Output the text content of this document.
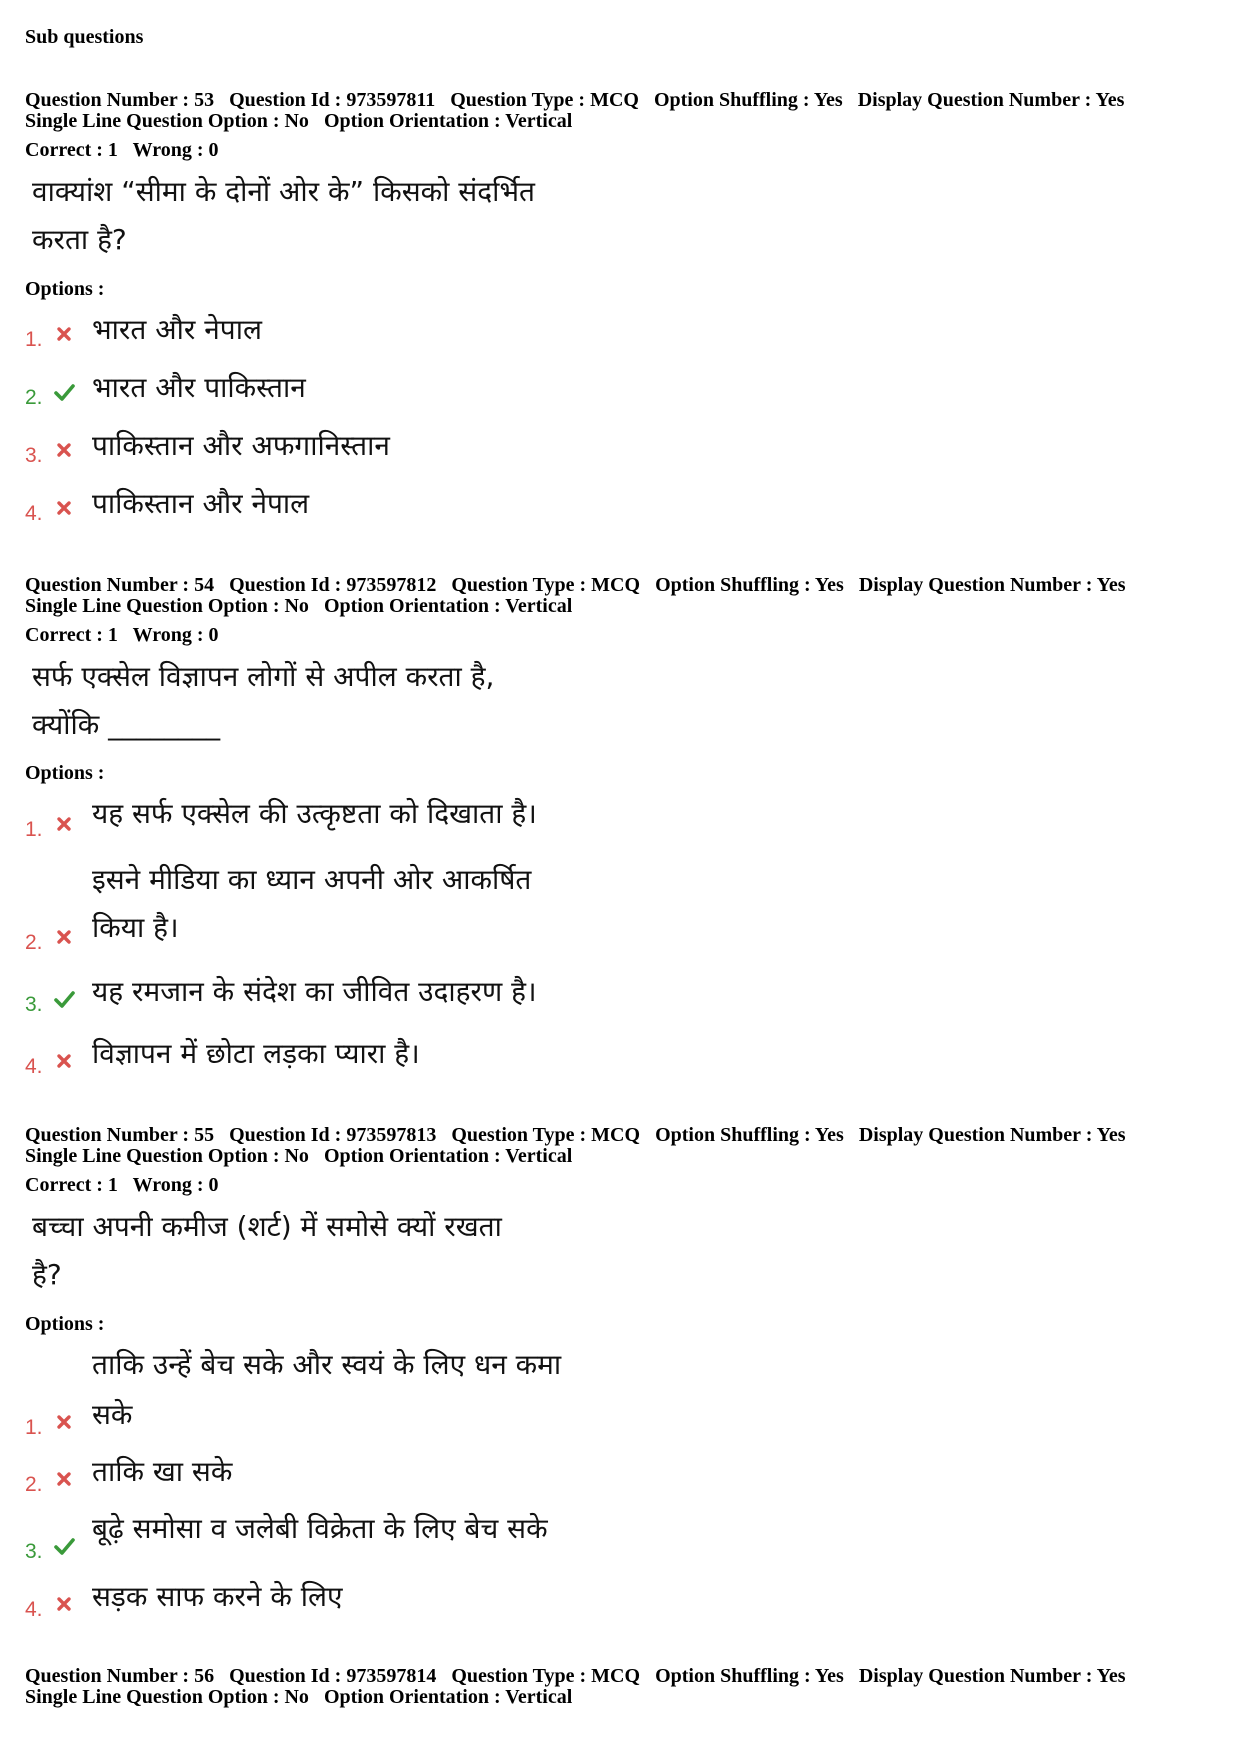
Sub questions
Question Number : 53 Question Id : 973597811 Question Type : MCQ Option Shuffling : Yes Display Question Number : Yes
Single Line Question Option : No Option Orientation : Vertical
Correct : 1 Wrong : 0
वाक्यांश “सीमा के दोनों ओर के” किसको संदर्भित
करता है?
Options :
1. भारत और नेपाल
2. भारत और पाकिस्तान
3. पाकिस्तान और अफगानिस्तान
4. पाकिस्तान और नेपाल
Question Number : 54 Question Id : 973597812 Question Type : MCQ Option Shuffling : Yes Display Question Number : Yes
Single Line Question Option : No Option Orientation : Vertical
Correct : 1 Wrong : 0
सर्फ एक्सेल विज्ञापन लोगों से अपील करता है,
क्योंकि ________
Options :
1. यह सर्फ एक्सेल की उत्कृष्टता को दिखाता है।
इसने मीडिया का ध्यान अपनी ओर आकर्षित
किया है।
2.
3. यह रमजान के संदेश का जीवित उदाहरण है।
4. विज्ञापन में छोटा लड़का प्यारा है।
Question Number : 55 Question Id : 973597813 Question Type : MCQ Option Shuffling : Yes Display Question Number : Yes
Single Line Question Option : No Option Orientation : Vertical
Correct : 1 Wrong : 0
बच्चा अपनी कमीज (शर्ट) में समोसे क्यों रखता
है?
Options :
ताकि उन्हें बेच सके और स्वयं के लिए धन कमा
सके
1.
2. ताकि खा सके
3.
बूढ़े समोसा व जलेबी विक्रेता के लिए बेच सके
4. सड़क साफ करने के लिए
Question Number : 56 Question Id : 973597814 Question Type : MCQ Option Shuffling : Yes Display Question Number : Yes
Single Line Question Option : No Option Orientation : Vertical
